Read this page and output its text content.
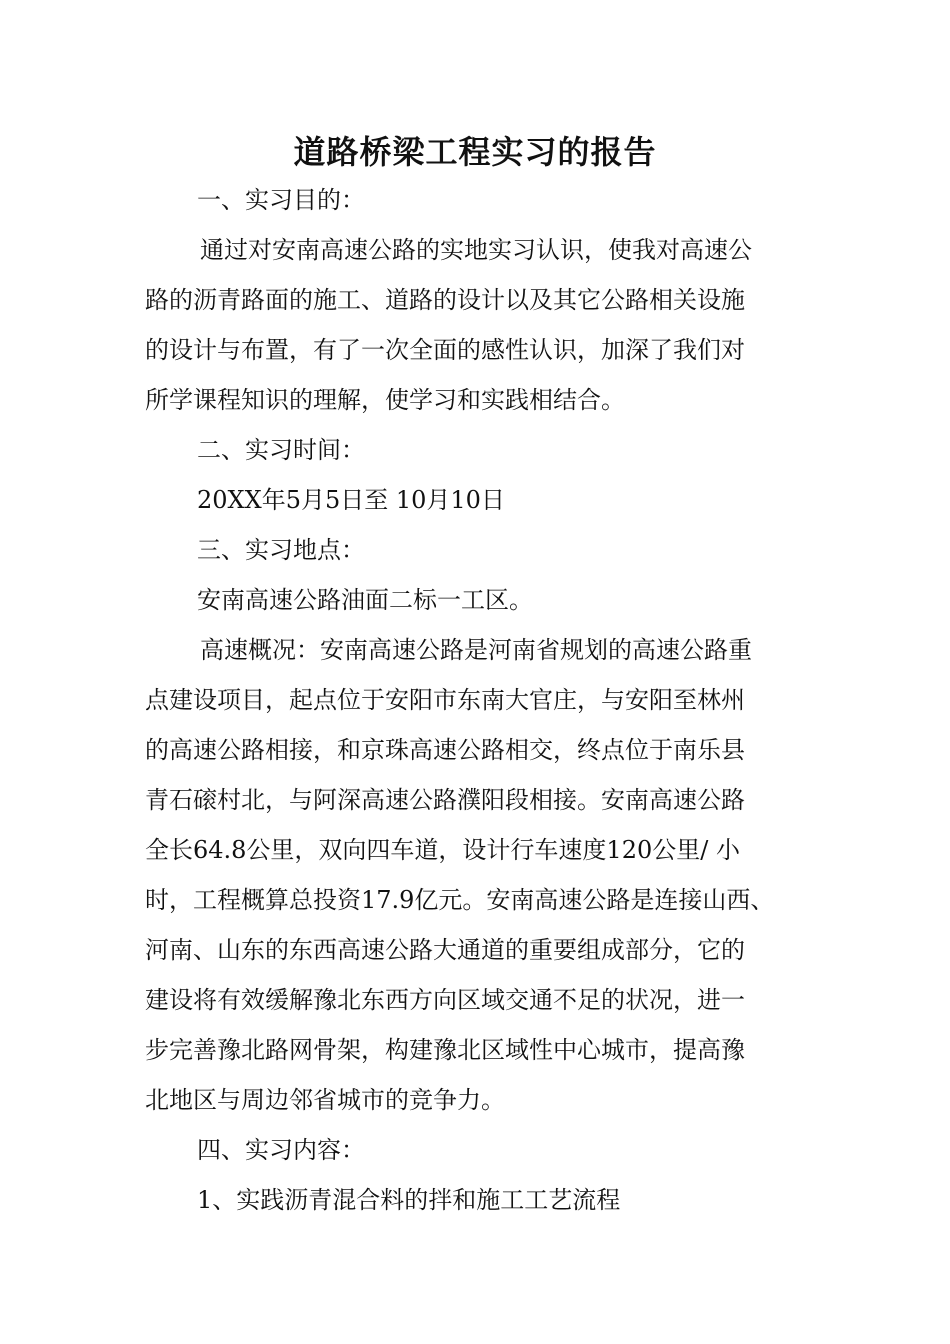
道路桥梁工程实习的报告
一、实习目的：
通过对安南高速公路的实地实习认识，使我对高速公
路的沥青路面的施工、道路的设计以及其它公路相关设施
的设计与布置，有了一次全面的感性认识，加深了我们对
所学课程知识的理解，使学习和实践相结合。
二、实习时间：
20XX年5月5日至 10月10日
三、实习地点：
安南高速公路油面二标一工区。
高速概况：安南高速公路是河南省规划的高速公路重
点建设项目，起点位于安阳市东南大官庄，与安阳至林州
的高速公路相接，和京珠高速公路相交，终点位于南乐县
青石磙村北，与阿深高速公路濮阳段相接。安南高速公路
全长64.8公里，双向四车道，设计行车速度120公里/ 小
时，工程概算总投资17.9亿元。安南高速公路是连接山西、
河南、山东的东西高速公路大通道的重要组成部分，它的
建设将有效缓解豫北东西方向区域交通不足的状况，进一
步完善豫北路网骨架，构建豫北区域性中心城市，提高豫
北地区与周边邻省城市的竞争力。
四、实习内容：
1、实践沥青混合料的拌和施工工艺流程
